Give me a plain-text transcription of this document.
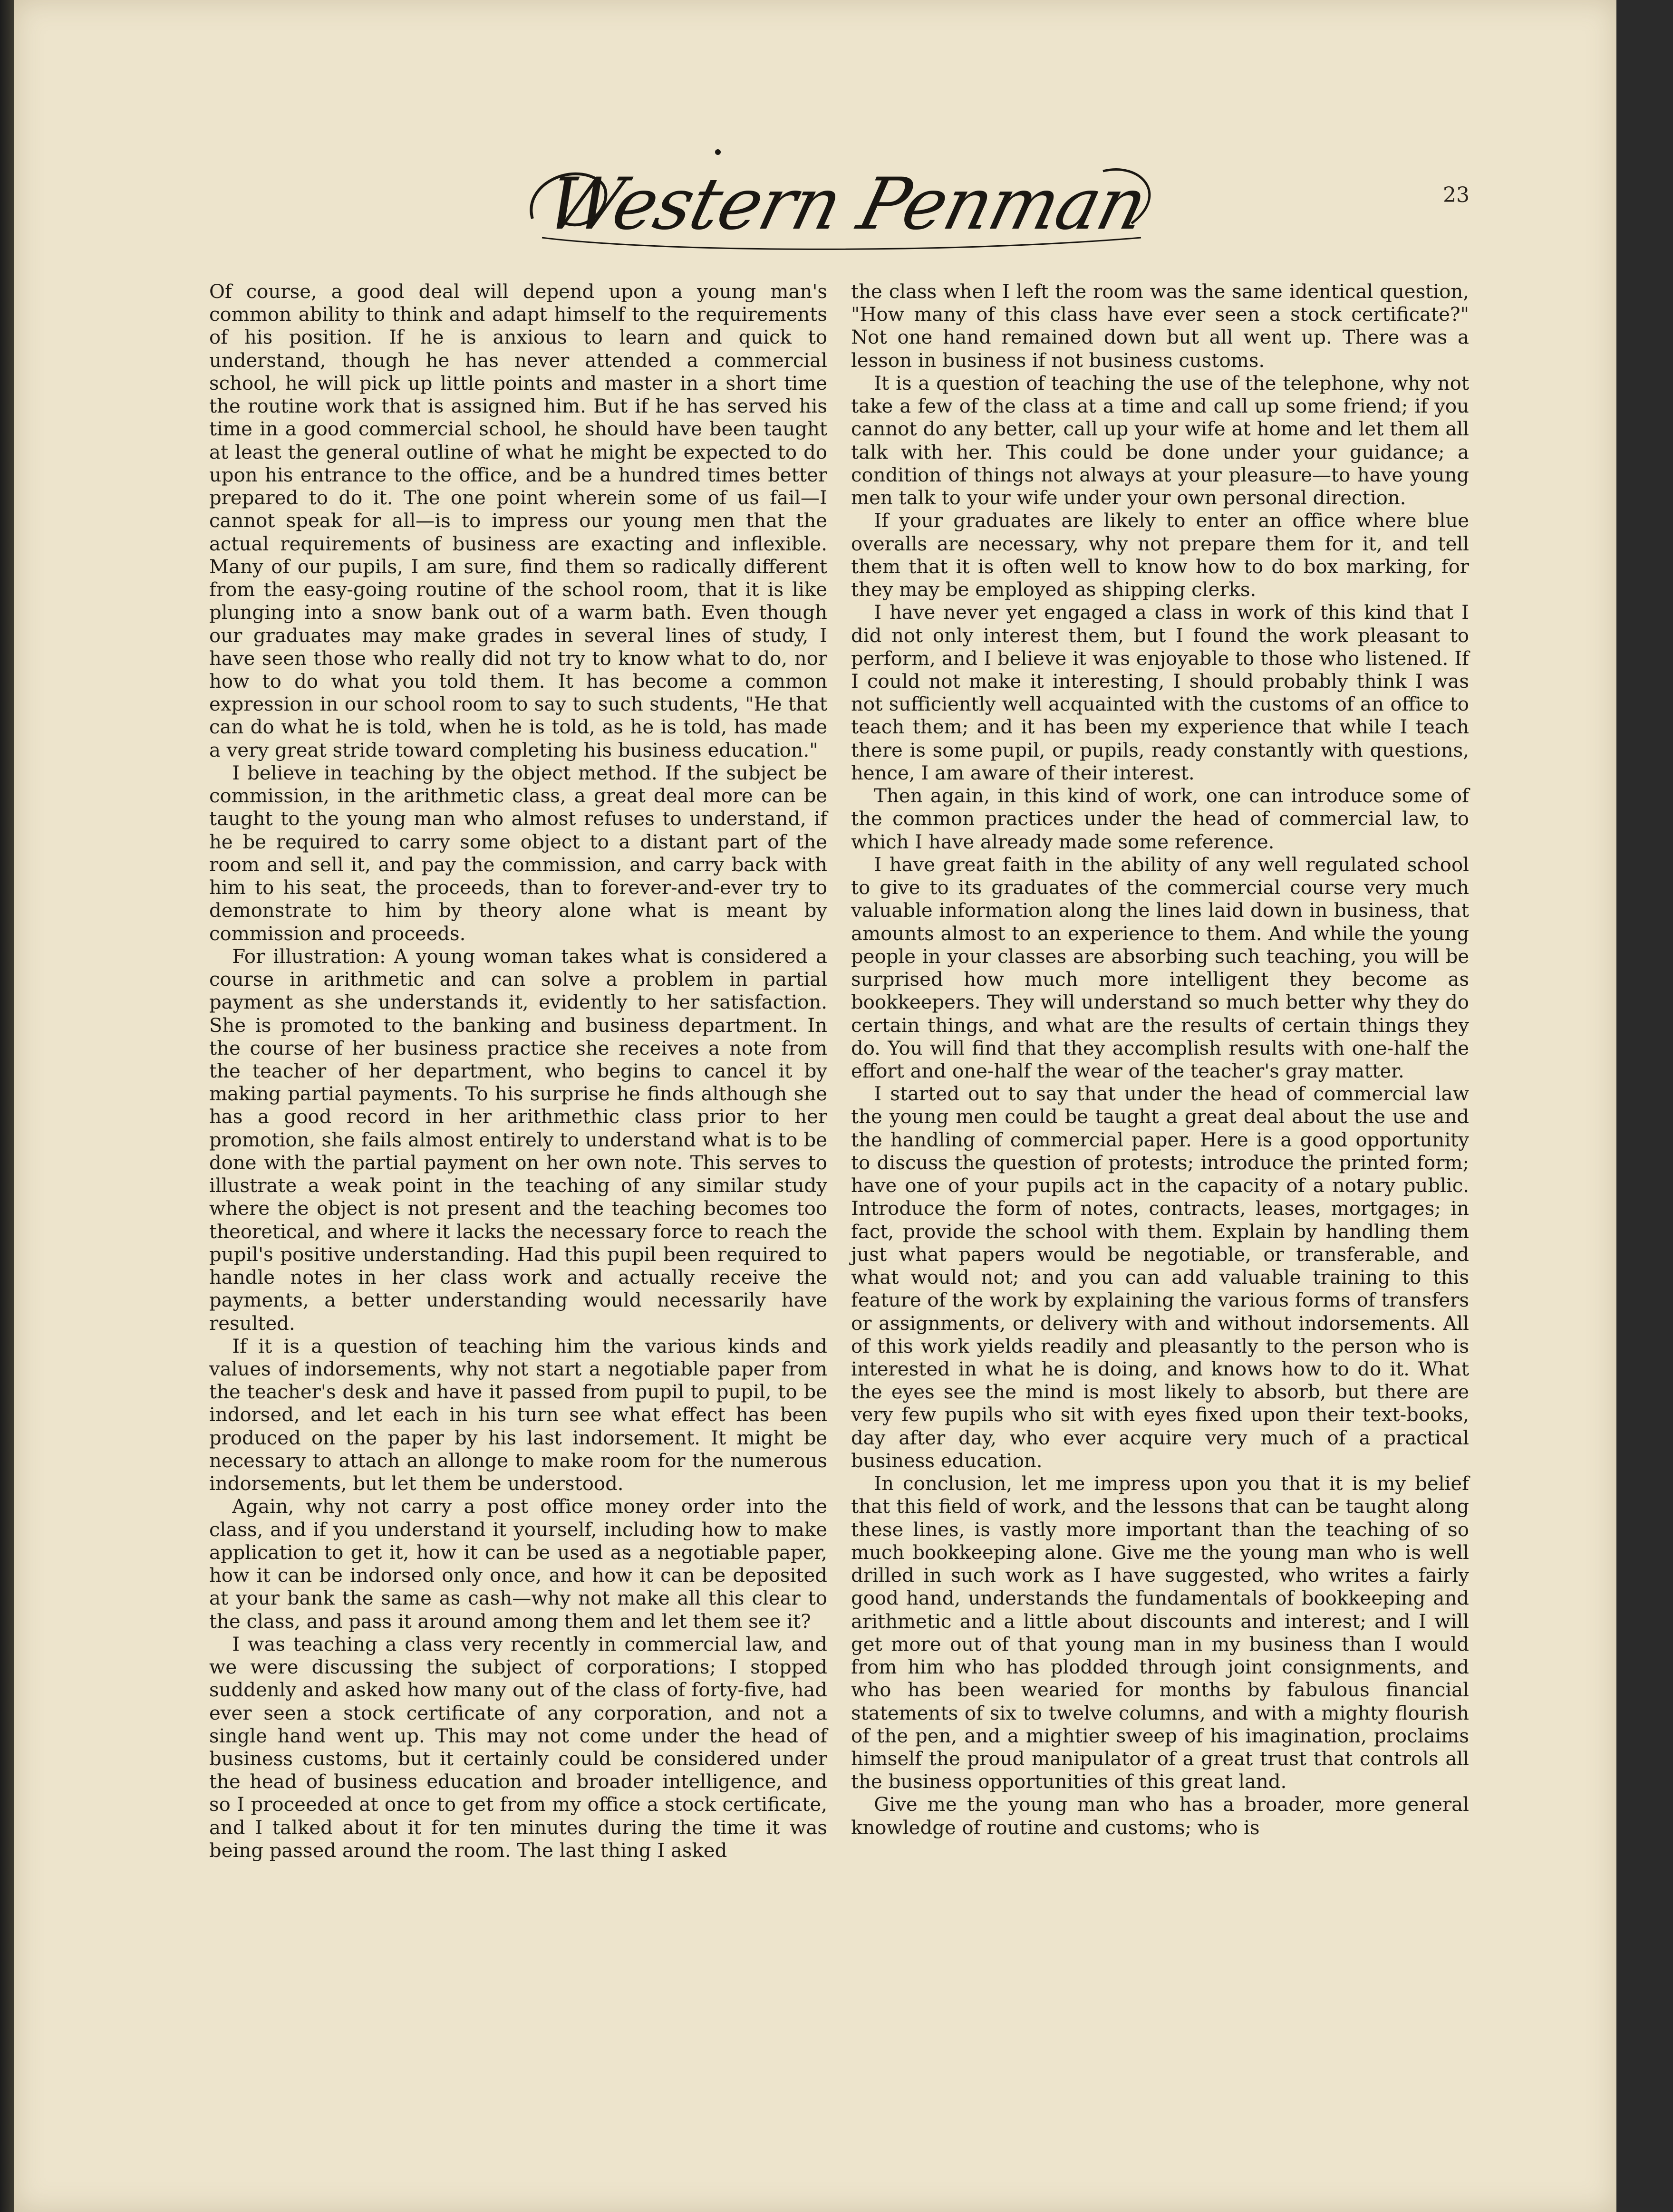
Western Penman	23

Of course, a good deal will depend upon a young man's common ability to think and adapt himself to the requirements of his position. If he is anxious to learn and quick to understand, though he has never attended a commercial school, he will pick up little points and master in a short time the routine work that is assigned him. But if he has served his time in a good commercial school, he should have been taught at least the general outline of what he might be expected to do upon his entrance to the office, and be a hundred times better prepared to do it. The one point wherein some of us fail—I cannot speak for all—is to impress our young men that the actual requirements of business are exacting and inflexible. Many of our pupils, I am sure, find them so radically different from the easy-going routine of the school room, that it is like plunging into a snow bank out of a warm bath. Even though our graduates may make grades in several lines of study, I have seen those who really did not try to know what to do, nor how to do what you told them. It has become a common expression in our school room to say to such students, "He that can do what he is told, when he is told, as he is told, has made a very great stride toward completing his business education."

I believe in teaching by the object method. If the subject be commission, in the arithmetic class, a great deal more can be taught to the young man who almost refuses to understand, if he be required to carry some object to a distant part of the room and sell it, and pay the commission, and carry back with him to his seat, the proceeds, than to forever-and-ever try to demonstrate to him by theory alone what is meant by commission and proceeds.

For illustration: A young woman takes what is considered a course in arithmetic and can solve a problem in partial payment as she understands it, evidently to her satisfaction. She is promoted to the banking and business department. In the course of her business practice she receives a note from the teacher of her department, who begins to cancel it by making partial payments. To his surprise he finds although she has a good record in her arithmethic class prior to her promotion, she fails almost entirely to understand what is to be done with the partial payment on her own note. This serves to illustrate a weak point in the teaching of any similar study where the object is not present and the teaching becomes too theoretical, and where it lacks the necessary force to reach the pupil's positive understanding. Had this pupil been required to handle notes in her class work and actually receive the payments, a better understanding would necessarily have resulted.

If it is a question of teaching him the various kinds and values of indorsements, why not start a negotiable paper from the teacher's desk and have it passed from pupil to pupil, to be indorsed, and let each in his turn see what effect has been produced on the paper by his last indorsement. It might be necessary to attach an allonge to make room for the numerous indorsements, but let them be understood.

Again, why not carry a post office money order into the class, and if you understand it yourself, including how to make application to get it, how it can be used as a negotiable paper, how it can be indorsed only once, and how it can be deposited at your bank the same as cash—why not make all this clear to the class, and pass it around among them and let them see it?

I was teaching a class very recently in commercial law, and we were discussing the subject of corporations; I stopped suddenly and asked how many out of the class of forty-five, had ever seen a stock certificate of any corporation, and not a single hand went up. This may not come under the head of business customs, but it certainly could be considered under the head of business education and broader intelligence, and so I proceeded at once to get from my office a stock certificate, and I talked about it for ten minutes during the time it was being passed around the room. The last thing I asked

the class when I left the room was the same identical question, "How many of this class have ever seen a stock certificate?" Not one hand remained down but all went up. There was a lesson in business if not business customs.

It is a question of teaching the use of the telephone, why not take a few of the class at a time and call up some friend; if you cannot do any better, call up your wife at home and let them all talk with her. This could be done under your guidance; a condition of things not always at your pleasure—to have young men talk to your wife under your own personal direction.

If your graduates are likely to enter an office where blue overalls are necessary, why not prepare them for it, and tell them that it is often well to know how to do box marking, for they may be employed as shipping clerks.

I have never yet engaged a class in work of this kind that I did not only interest them, but I found the work pleasant to perform, and I believe it was enjoyable to those who listened. If I could not make it interesting, I should probably think I was not sufficiently well acquainted with the customs of an office to teach them; and it has been my experience that while I teach there is some pupil, or pupils, ready constantly with questions, hence, I am aware of their interest.

Then again, in this kind of work, one can introduce some of the common practices under the head of commercial law, to which I have already made some reference.

I have great faith in the ability of any well regulated school to give to its graduates of the commercial course very much valuable information along the lines laid down in business, that amounts almost to an experience to them. And while the young people in your classes are absorbing such teaching, you will be surprised how much more intelligent they become as bookkeepers. They will understand so much better why they do certain things, and what are the results of certain things they do. You will find that they accomplish results with one-half the effort and one-half the wear of the teacher's gray matter.

I started out to say that under the head of commercial law the young men could be taught a great deal about the use and the handling of commercial paper. Here is a good opportunity to discuss the question of protests; introduce the printed form; have one of your pupils act in the capacity of a notary public. Introduce the form of notes, contracts, leases, mortgages; in fact, provide the school with them. Explain by handling them just what papers would be negotiable, or transferable, and what would not; and you can add valuable training to this feature of the work by explaining the various forms of transfers or assignments, or delivery with and without indorsements. All of this work yields readily and pleasantly to the person who is interested in what he is doing, and knows how to do it. What the eyes see the mind is most likely to absorb, but there are very few pupils who sit with eyes fixed upon their text-books, day after day, who ever acquire very much of a practical business education.

In conclusion, let me impress upon you that it is my belief that this field of work, and the lessons that can be taught along these lines, is vastly more important than the teaching of so much bookkeeping alone. Give me the young man who is well drilled in such work as I have suggested, who writes a fairly good hand, understands the fundamentals of bookkeeping and arithmetic and a little about discounts and interest; and I will get more out of that young man in my business than I would from him who has plodded through joint consignments, and who has been wearied for months by fabulous financial statements of six to twelve columns, and with a mighty flourish of the pen, and a mightier sweep of his imagination, proclaims himself the proud manipulator of a great trust that controls all the business opportunities of this great land.

Give me the young man who has a broader, more general knowledge of routine and customs; who is
